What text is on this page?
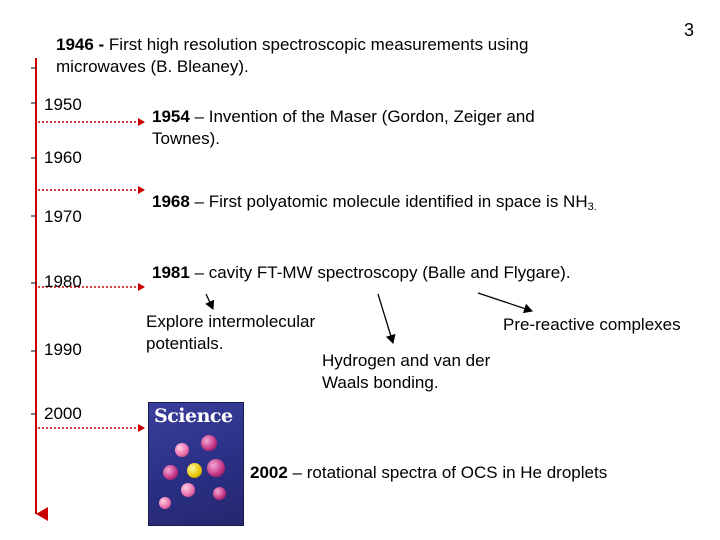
3
1946 - First high resolution spectroscopic measurements using
microwaves (B. Bleaney).
1950
1960
1970
1980
1990
2000
1954 – Invention of the Maser (Gordon, Zeiger and
Townes).
1968 – First polyatomic molecule identified in space is $NH_{3.}$
1981 – cavity FT-MW spectroscopy (Balle and Flygare).
Explore intermolecular
potentials.
Hydrogen and van der
Waals bonding.
Pre-reactive complexes
Science
2002 – rotational spectra of OCS in He droplets
